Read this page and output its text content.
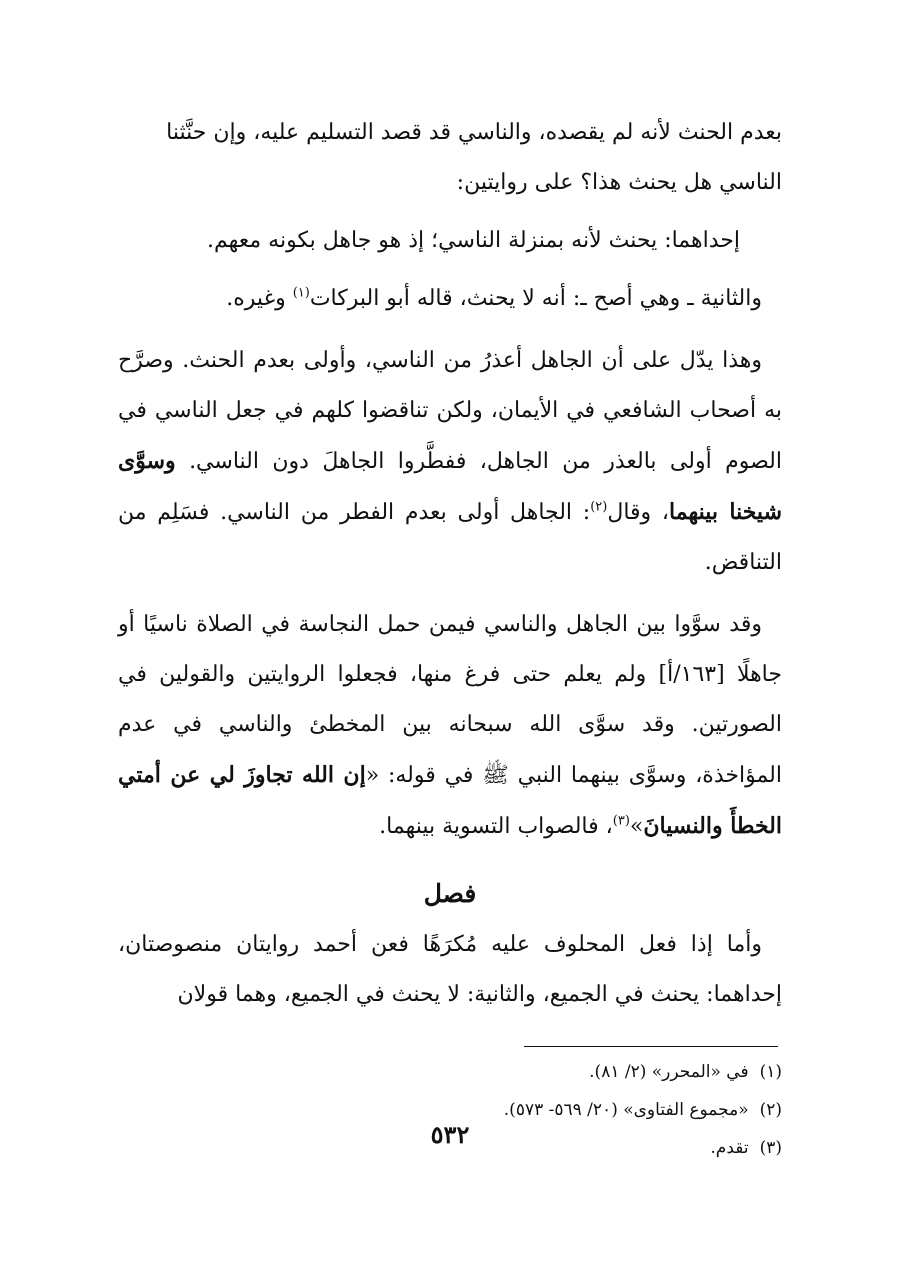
بعدم الحنث لأنه لم يقصده، والناسي قد قصد التسليم عليه، وإن حنَّثنا
الناسي هل يحنث هذا؟ على روايتين:

إحداهما: يحنث لأنه بمنزلة الناسي؛ إذ هو جاهل بكونه معهم.

والثانية ـ وهي أصح ـ: أنه لا يحنث، قاله أبو البركات$^{(١)}$ وغيره.

وهذا يدّل على أن الجاهل أعذرُ من الناسي، وأولى بعدم الحنث. وصرَّح به أصحاب الشافعي في الأيمان، ولكن تناقضوا كلهم في جعل الناسي في الصوم أولى بالعذر من الجاهل، ففطَّروا الجاهلَ دون الناسي. وسوَّى شيخنا بينهما، وقال$^{(٢)}$: الجاهل أولى بعدم الفطر من الناسي. فسَلِم من التناقض.

وقد سوَّوا بين الجاهل والناسي فيمن حمل النجاسة في الصلاة ناسيًا أو جاهلًا [١٦٣/أ] ولم يعلم حتى فرغ منها، فجعلوا الروايتين والقولين في الصورتين. وقد سوَّى الله سبحانه بين المخطئ والناسي في عدم المؤاخذة، وسوَّى بينهما النبي ﷺ في قوله: «إن الله تجاوزَ لي عن أمتي الخطأَ والنسيانَ»$^{(٣)}$، فالصواب التسوية بينهما.

فصل

وأما إذا فعل المحلوف عليه مُكرَهًا فعن أحمد روايتان منصوصتان، إحداهما: يحنث في الجميع، والثانية: لا يحنث في الجميع، وهما قولان

(١) في «المحرر» (٢/ ٨١).

(٢) «مجموع الفتاوى» (٢٠/ ٥٦٩- ٥٧٣).

(٣) تقدم.

٥٣٢
